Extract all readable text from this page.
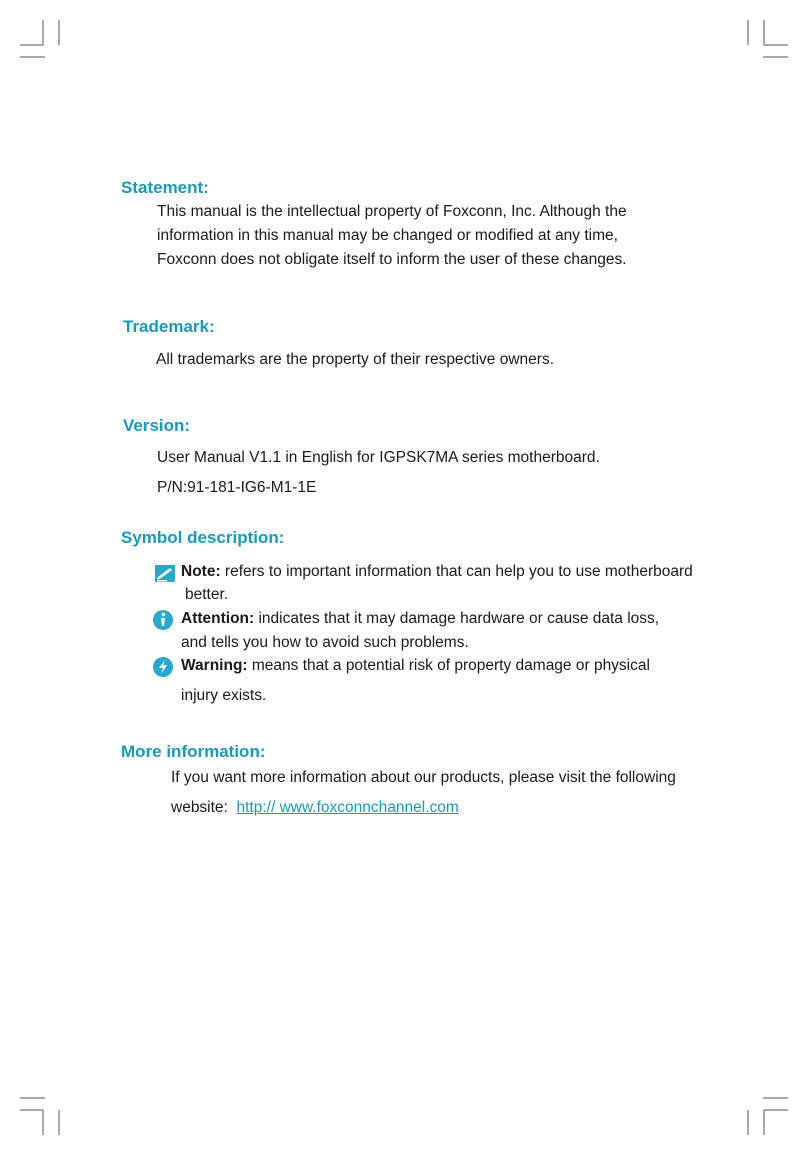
Statement:
This manual is the intellectual property of Foxconn, Inc. Although the
information in this manual may be changed or modified at any time,
Foxconn does not obligate itself to inform the user of these changes.
Trademark:
All trademarks are the property of their respective owners.
Version:
User Manual V1.1 in English for IGPSK7MA series motherboard.
P/N:91-181-IG6-M1-1E
Symbol description:
Note: refers to important information that can help you to use motherboard
better.
Attention: indicates that it may damage hardware or cause data loss,
and tells you how to avoid such problems.
Warning: means that a potential risk of property damage or physical
injury exists.
More information:
If you want more information about our products, please visit the following
website: http:// www.foxconnchannel.com
